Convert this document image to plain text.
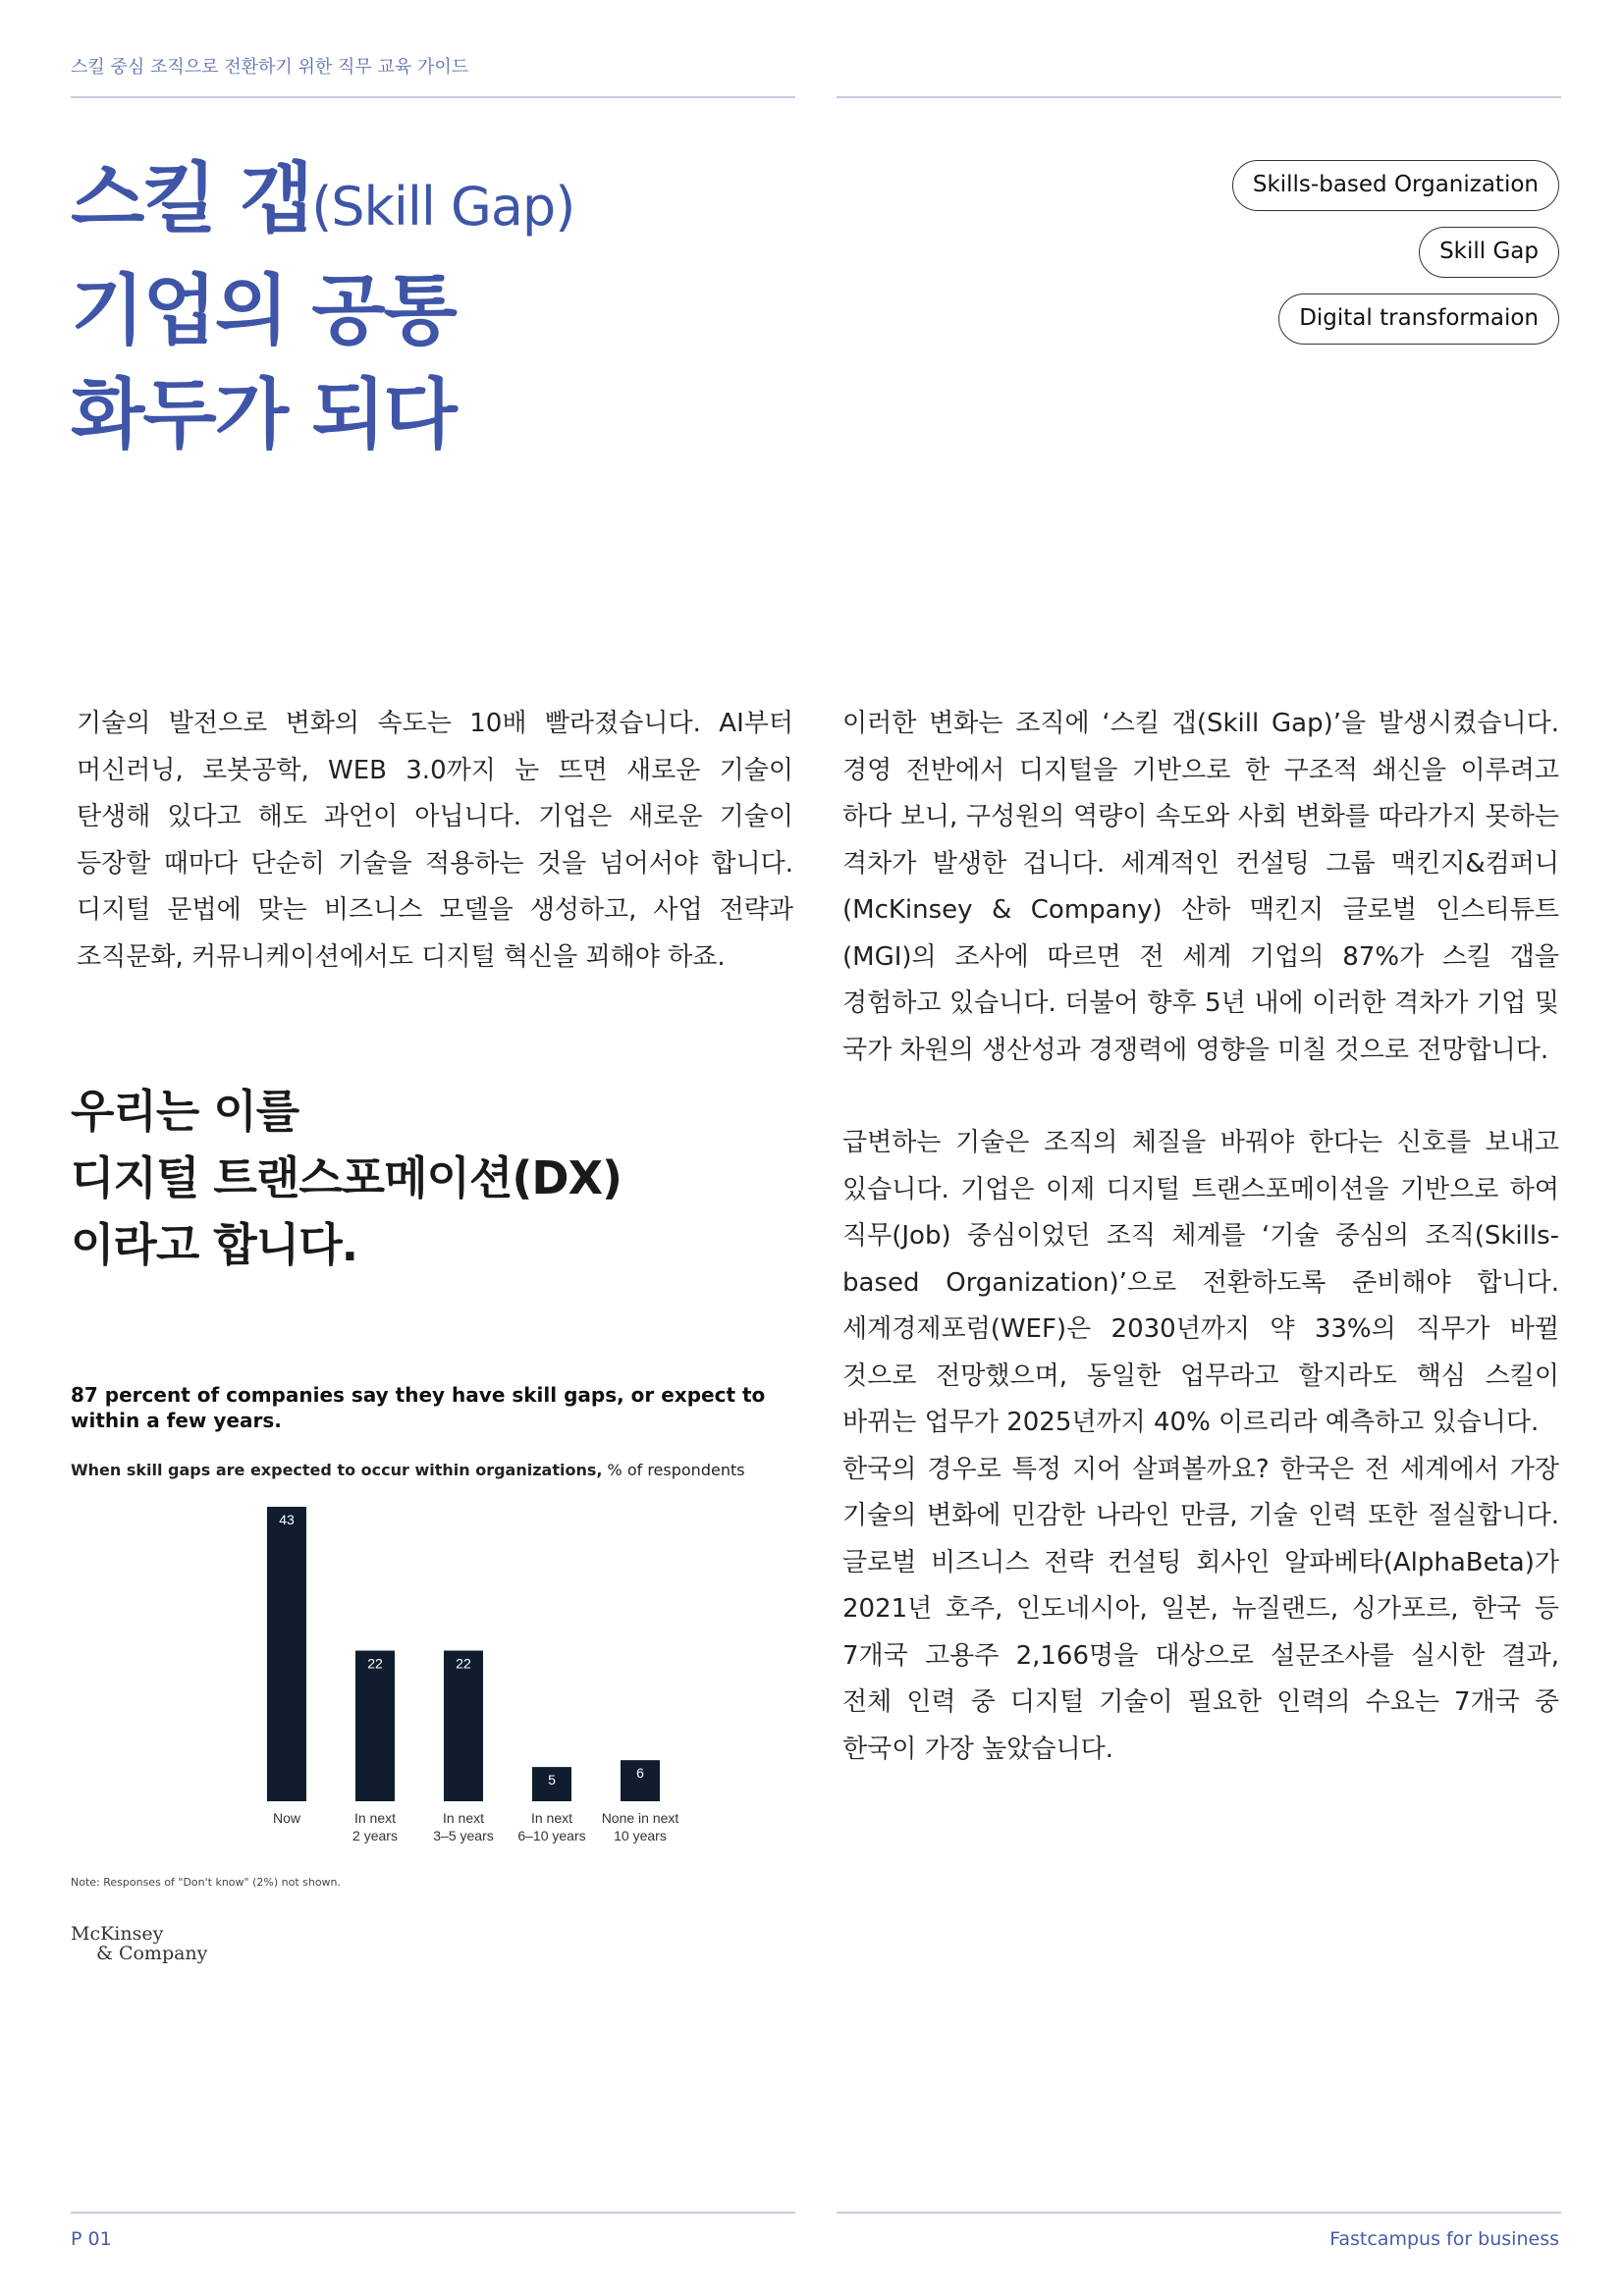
스킬 중심 조직으로 전환하기 위한 직무 교육 가이드
스킬 갭(Skill Gap)
기업의 공통
화두가 되다
Skills-based Organization
Skill Gap
Digital transformaion
기술의 발전으로 변화의 속도는 10배 빨라졌습니다. AI부터 머신러닝, 로봇공학, WEB 3.0까지 눈 뜨면 새로운 기술이 탄생해 있다고 해도 과언이 아닙니다. 기업은 새로운 기술이 등장할 때마다 단순히 기술을 적용하는 것을 넘어서야 합니다. 디지털 문법에 맞는 비즈니스 모델을 생성하고, 사업 전략과 조직문화, 커뮤니케이션에서도 디지털 혁신을 꾀해야 하죠.
우리는 이를
디지털 트랜스포메이션(DX)
이라고 합니다.

이러한 변화는 조직에 ‘스킬 갭(Skill Gap)’을 발생시켰습니다. 경영 전반에서 디지털을 기반으로 한 구조적 쇄신을 이루려고 하다 보니, 구성원의 역량이 속도와 사회 변화를 따라가지 못하는 격차가 발생한 겁니다. 세계적인 컨설팅 그룹 맥킨지&컴퍼니(McKinsey & Company) 산하 맥킨지 글로벌 인스티튜트(MGI)의 조사에 따르면 전 세계 기업의 87%가 스킬 갭을 경험하고 있습니다. 더불어 향후 5년 내에 이러한 격차가 기업 및 국가 차원의 생산성과 경쟁력에 영향을 미칠 것으로 전망합니다.

급변하는 기술은 조직의 체질을 바꿔야 한다는 신호를 보내고 있습니다. 기업은 이제 디지털 트랜스포메이션을 기반으로 하여 직무(Job) 중심이었던 조직 체계를 ‘기술 중심의 조직(Skills-based Organization)’으로 전환하도록 준비해야 합니다. 세계경제포럼(WEF)은 2030년까지 약 33%의 직무가 바뀔 것으로 전망했으며, 동일한 업무라고 할지라도 핵심 스킬이 바뀌는 업무가 2025년까지 40% 이르리라 예측하고 있습니다.

한국의 경우로 특정 지어 살펴볼까요? 한국은 전 세계에서 가장 기술의 변화에 민감한 나라인 만큼, 기술 인력 또한 절실합니다. 글로벌 비즈니스 전략 컨설팅 회사인 알파베타(AlphaBeta)가 2021년 호주, 인도네시아, 일본, 뉴질랜드, 싱가포르, 한국 등 7개국 고용주 2,166명을 대상으로 설문조사를 실시한 결과, 전체 인력 중 디지털 기술이 필요한 인력의 수요는 7개국 중 한국이 가장 높았습니다.

87 percent of companies say they have skill gaps, or expect to within a few years.
When skill gaps are expected to occur within organizations, % of respondents
43
Now
22
In next
2 years
22
In next
3–5 years
5
In next
6–10 years
6
None in next
10 years
Note: Responses of "Don't know" (2%) not shown.
McKinsey
& Company
P 01	Fastcampus for business
